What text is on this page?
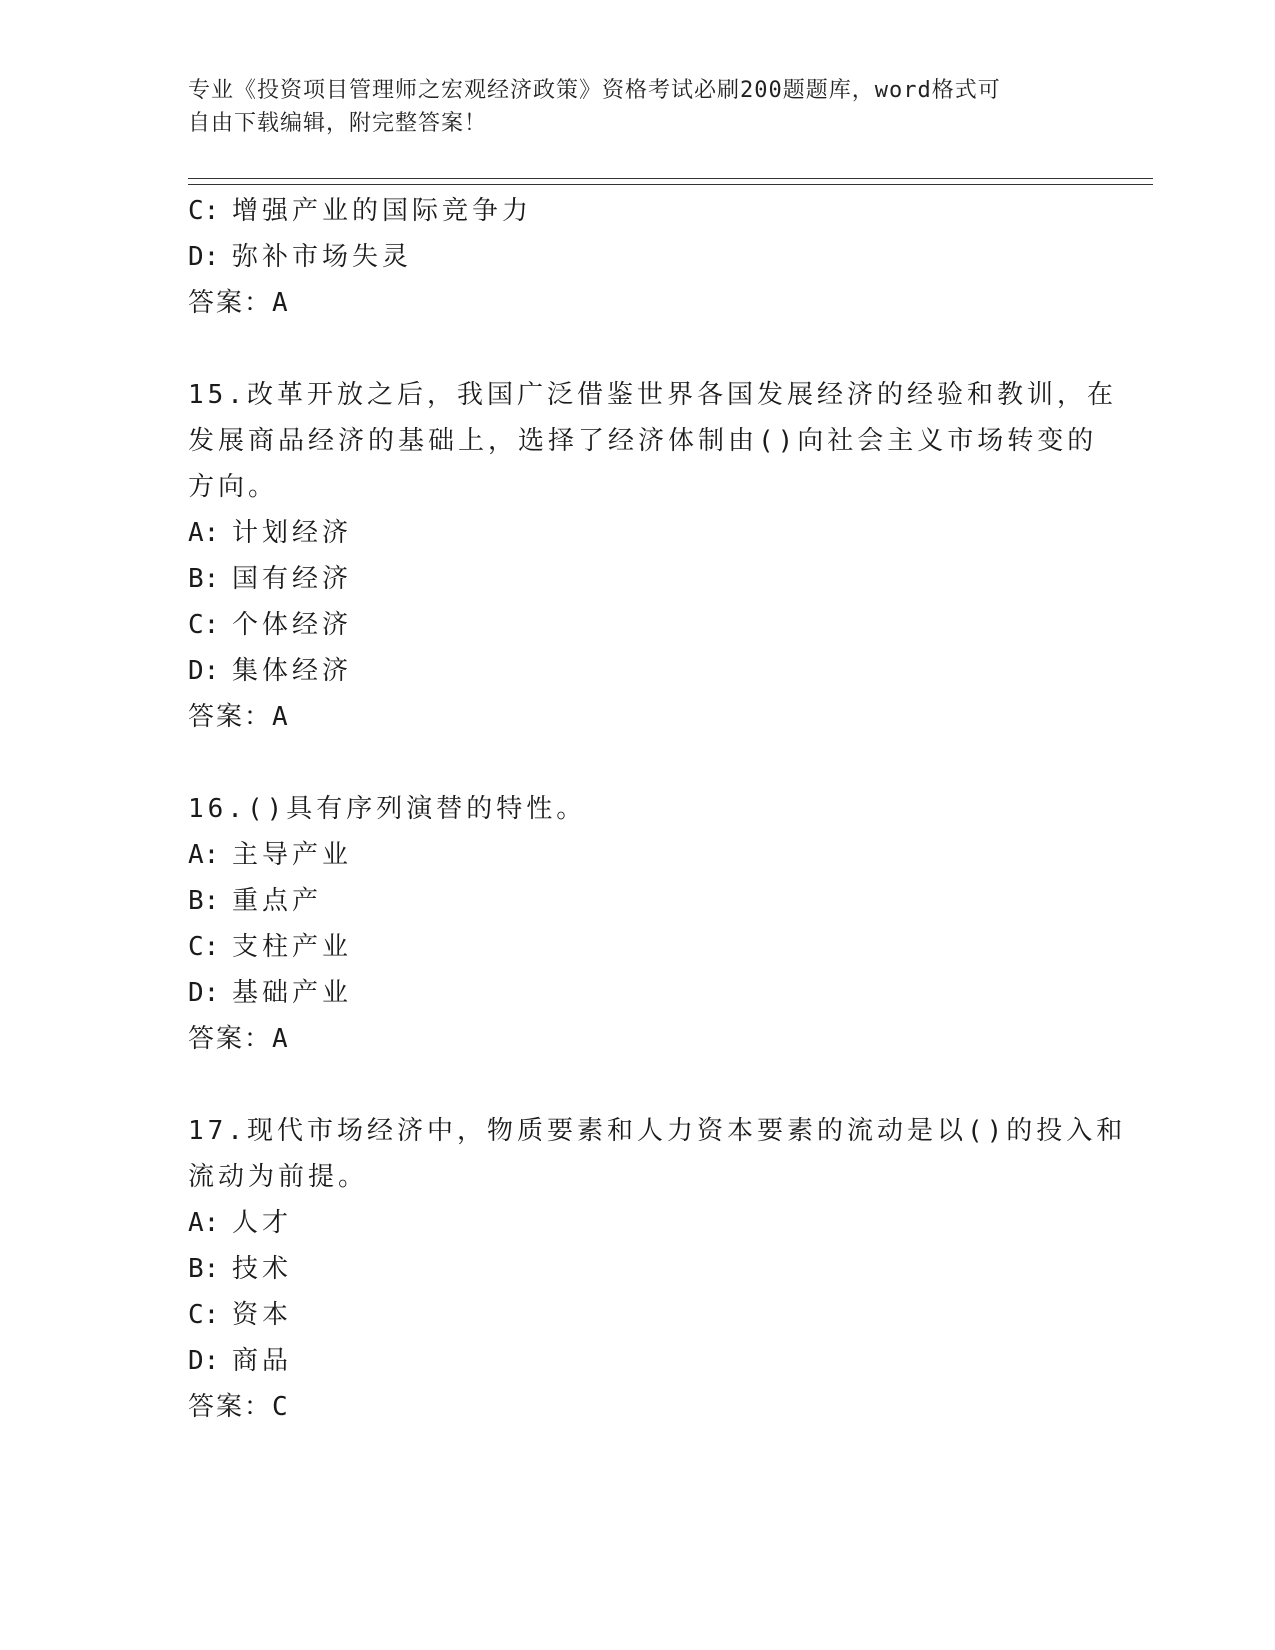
专业《投资项目管理师之宏观经济政策》资格考试必刷200题题库，word格式可
自由下载编辑，附完整答案！
C: 增强产业的国际竞争力
D: 弥补市场失灵
答案：A
15.改革开放之后，我国广泛借鉴世界各国发展经济的经验和教训，在
发展商品经济的基础上，选择了经济体制由()向社会主义市场转变的
方向。
A: 计划经济
B: 国有经济
C: 个体经济
D: 集体经济
答案：A
16.()具有序列演替的特性。
A: 主导产业
B: 重点产
C: 支柱产业
D: 基础产业
答案：A
17.现代市场经济中，物质要素和人力资本要素的流动是以()的投入和
流动为前提。
A: 人才
B: 技术
C: 资本
D: 商品
答案：C
